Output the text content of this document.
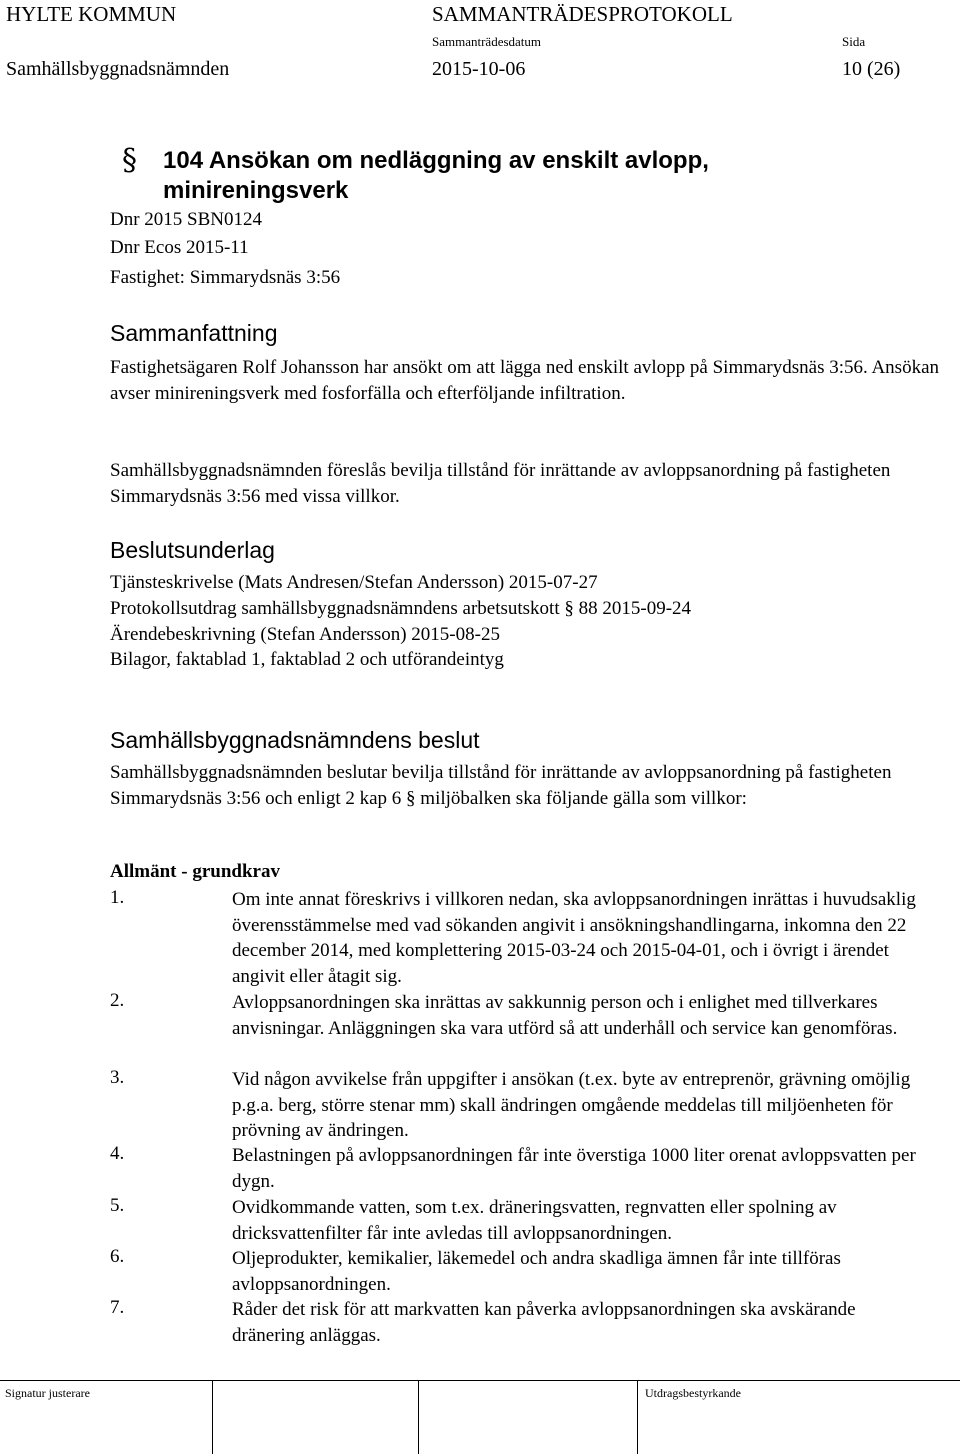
HYLTE KOMMUN	SAMMANTRÄDESPROTOKOLL
Sammanträdesdatum	Sida
Samhällsbyggnadsnämnden	2015-10-06	10 (26)
§ 104 Ansökan om nedläggning av enskilt avlopp,
minireningsverk
Dnr 2015 SBN0124
Dnr Ecos 2015-11
Fastighet: Simmarydsnäs 3:56
Sammanfattning
Fastighetsägaren Rolf Johansson har ansökt om att lägga ned enskilt avlopp på Simmarydsnäs 3:56. Ansökan avser minireningsverk med fosforfälla och efterföljande infiltration.
Samhällsbyggnadsnämnden föreslås bevilja tillstånd för inrättande av avloppsanordning på fastigheten Simmarydsnäs 3:56 med vissa villkor.
Beslutsunderlag
Tjänsteskrivelse (Mats Andresen/Stefan Andersson) 2015-07-27
Protokollsutdrag samhällsbyggnadsnämndens arbetsutskott § 88 2015-09-24
Ärendebeskrivning (Stefan Andersson) 2015-08-25
Bilagor, faktablad 1, faktablad 2 och utförandeintyg
Samhällsbyggnadsnämndens beslut
Samhällsbyggnadsnämnden beslutar bevilja tillstånd för inrättande av avloppsanordning på fastigheten Simmarydsnäs 3:56 och enligt 2 kap 6 § miljöbalken ska följande gälla som villkor:
Allmänt - grundkrav
1.	Om inte annat föreskrivs i villkoren nedan, ska avloppsanordningen inrättas i huvudsaklig överensstämmelse med vad sökanden angivit i ansökningshandlingarna, inkomna den 22 december 2014, med komplettering 2015-03-24 och 2015-04-01, och i övrigt i ärendet angivit eller åtagit sig.
2.	Avloppsanordningen ska inrättas av sakkunnig person och i enlighet med tillverkares anvisningar. Anläggningen ska vara utförd så att underhåll och service kan genomföras.
3.	Vid någon avvikelse från uppgifter i ansökan (t.ex. byte av entreprenör, grävning omöjlig p.g.a. berg, större stenar mm) skall ändringen omgående meddelas till miljöenheten för prövning av ändringen.
4.	Belastningen på avloppsanordningen får inte överstiga 1000 liter orenat avloppsvatten per dygn.
5.	Ovidkommande vatten, som t.ex. dräneringsvatten, regnvatten eller spolning av dricksvattenfilter får inte avledas till avloppsanordningen.
6.	Oljeprodukter, kemikalier, läkemedel och andra skadliga ämnen får inte tillföras avloppsanordningen.
7.	Råder det risk för att markvatten kan påverka avloppsanordningen ska avskärande dränering anläggas.
Signatur justerare	Utdragsbestyrkande
